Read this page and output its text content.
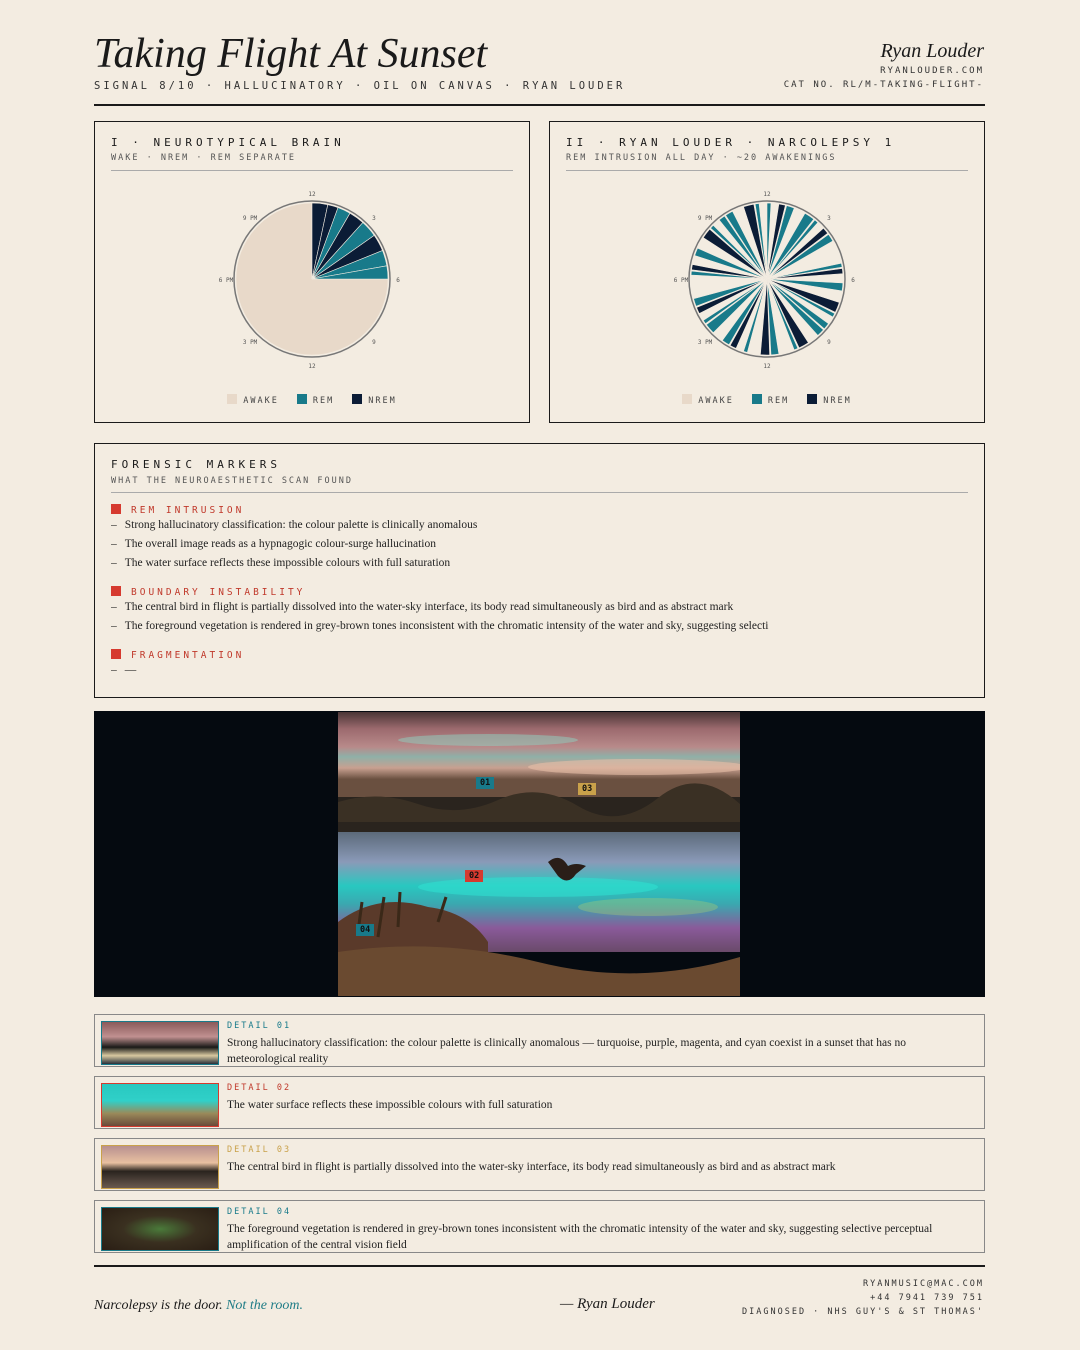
Taking Flight At Sunset
SIGNAL 8/10 · HALLUCINATORY · OIL ON CANVAS · RYAN LOUDER
Ryan Louder
RYANLOUDER.COM
CAT NO. RL/M-TAKING-FLIGHT-
I · NEUROTYPICAL BRAIN
WAKE · NREM · REM SEPARATE
12
3
6
9
12
3 PM
6 PM
9 PM
AWAKE	REM	NREM
II · RYAN LOUDER · NARCOLEPSY 1
REM INTRUSION ALL DAY · ~20 AWAKENINGS
12
3
6
9
12
3 PM
6 PM
9 PM
AWAKE	REM	NREM
FORENSIC MARKERS
WHAT THE NEUROAESTHETIC SCAN FOUND
REM INTRUSION
– Strong hallucinatory classification: the colour palette is clinically anomalous
– The overall image reads as a hypnagogic colour-surge hallucination
– The water surface reflects these impossible colours with full saturation
BOUNDARY INSTABILITY
– The central bird in flight is partially dissolved into the water-sky interface, its body read simultaneously as bird and as abstract mark
– The foreground vegetation is rendered in grey-brown tones inconsistent with the chromatic intensity of the water and sky, suggesting selecti
FRAGMENTATION
– —
01
02
03
04
DETAIL 01
Strong hallucinatory classification: the colour palette is clinically anomalous — turquoise, purple, magenta, and cyan coexist in a sunset that has no meteorological reality
DETAIL 02
The water surface reflects these impossible colours with full saturation
DETAIL 03
The central bird in flight is partially dissolved into the water-sky interface, its body read simultaneously as bird and as abstract mark
DETAIL 04
The foreground vegetation is rendered in grey-brown tones inconsistent with the chromatic intensity of the water and sky, suggesting selective perceptual amplification of the central vision field
Narcolepsy is the door. Not the room.	— Ryan Louder
RYANMUSIC@MAC.COM
+44 7941 739 751
DIAGNOSED · NHS GUY'S & ST THOMAS'
